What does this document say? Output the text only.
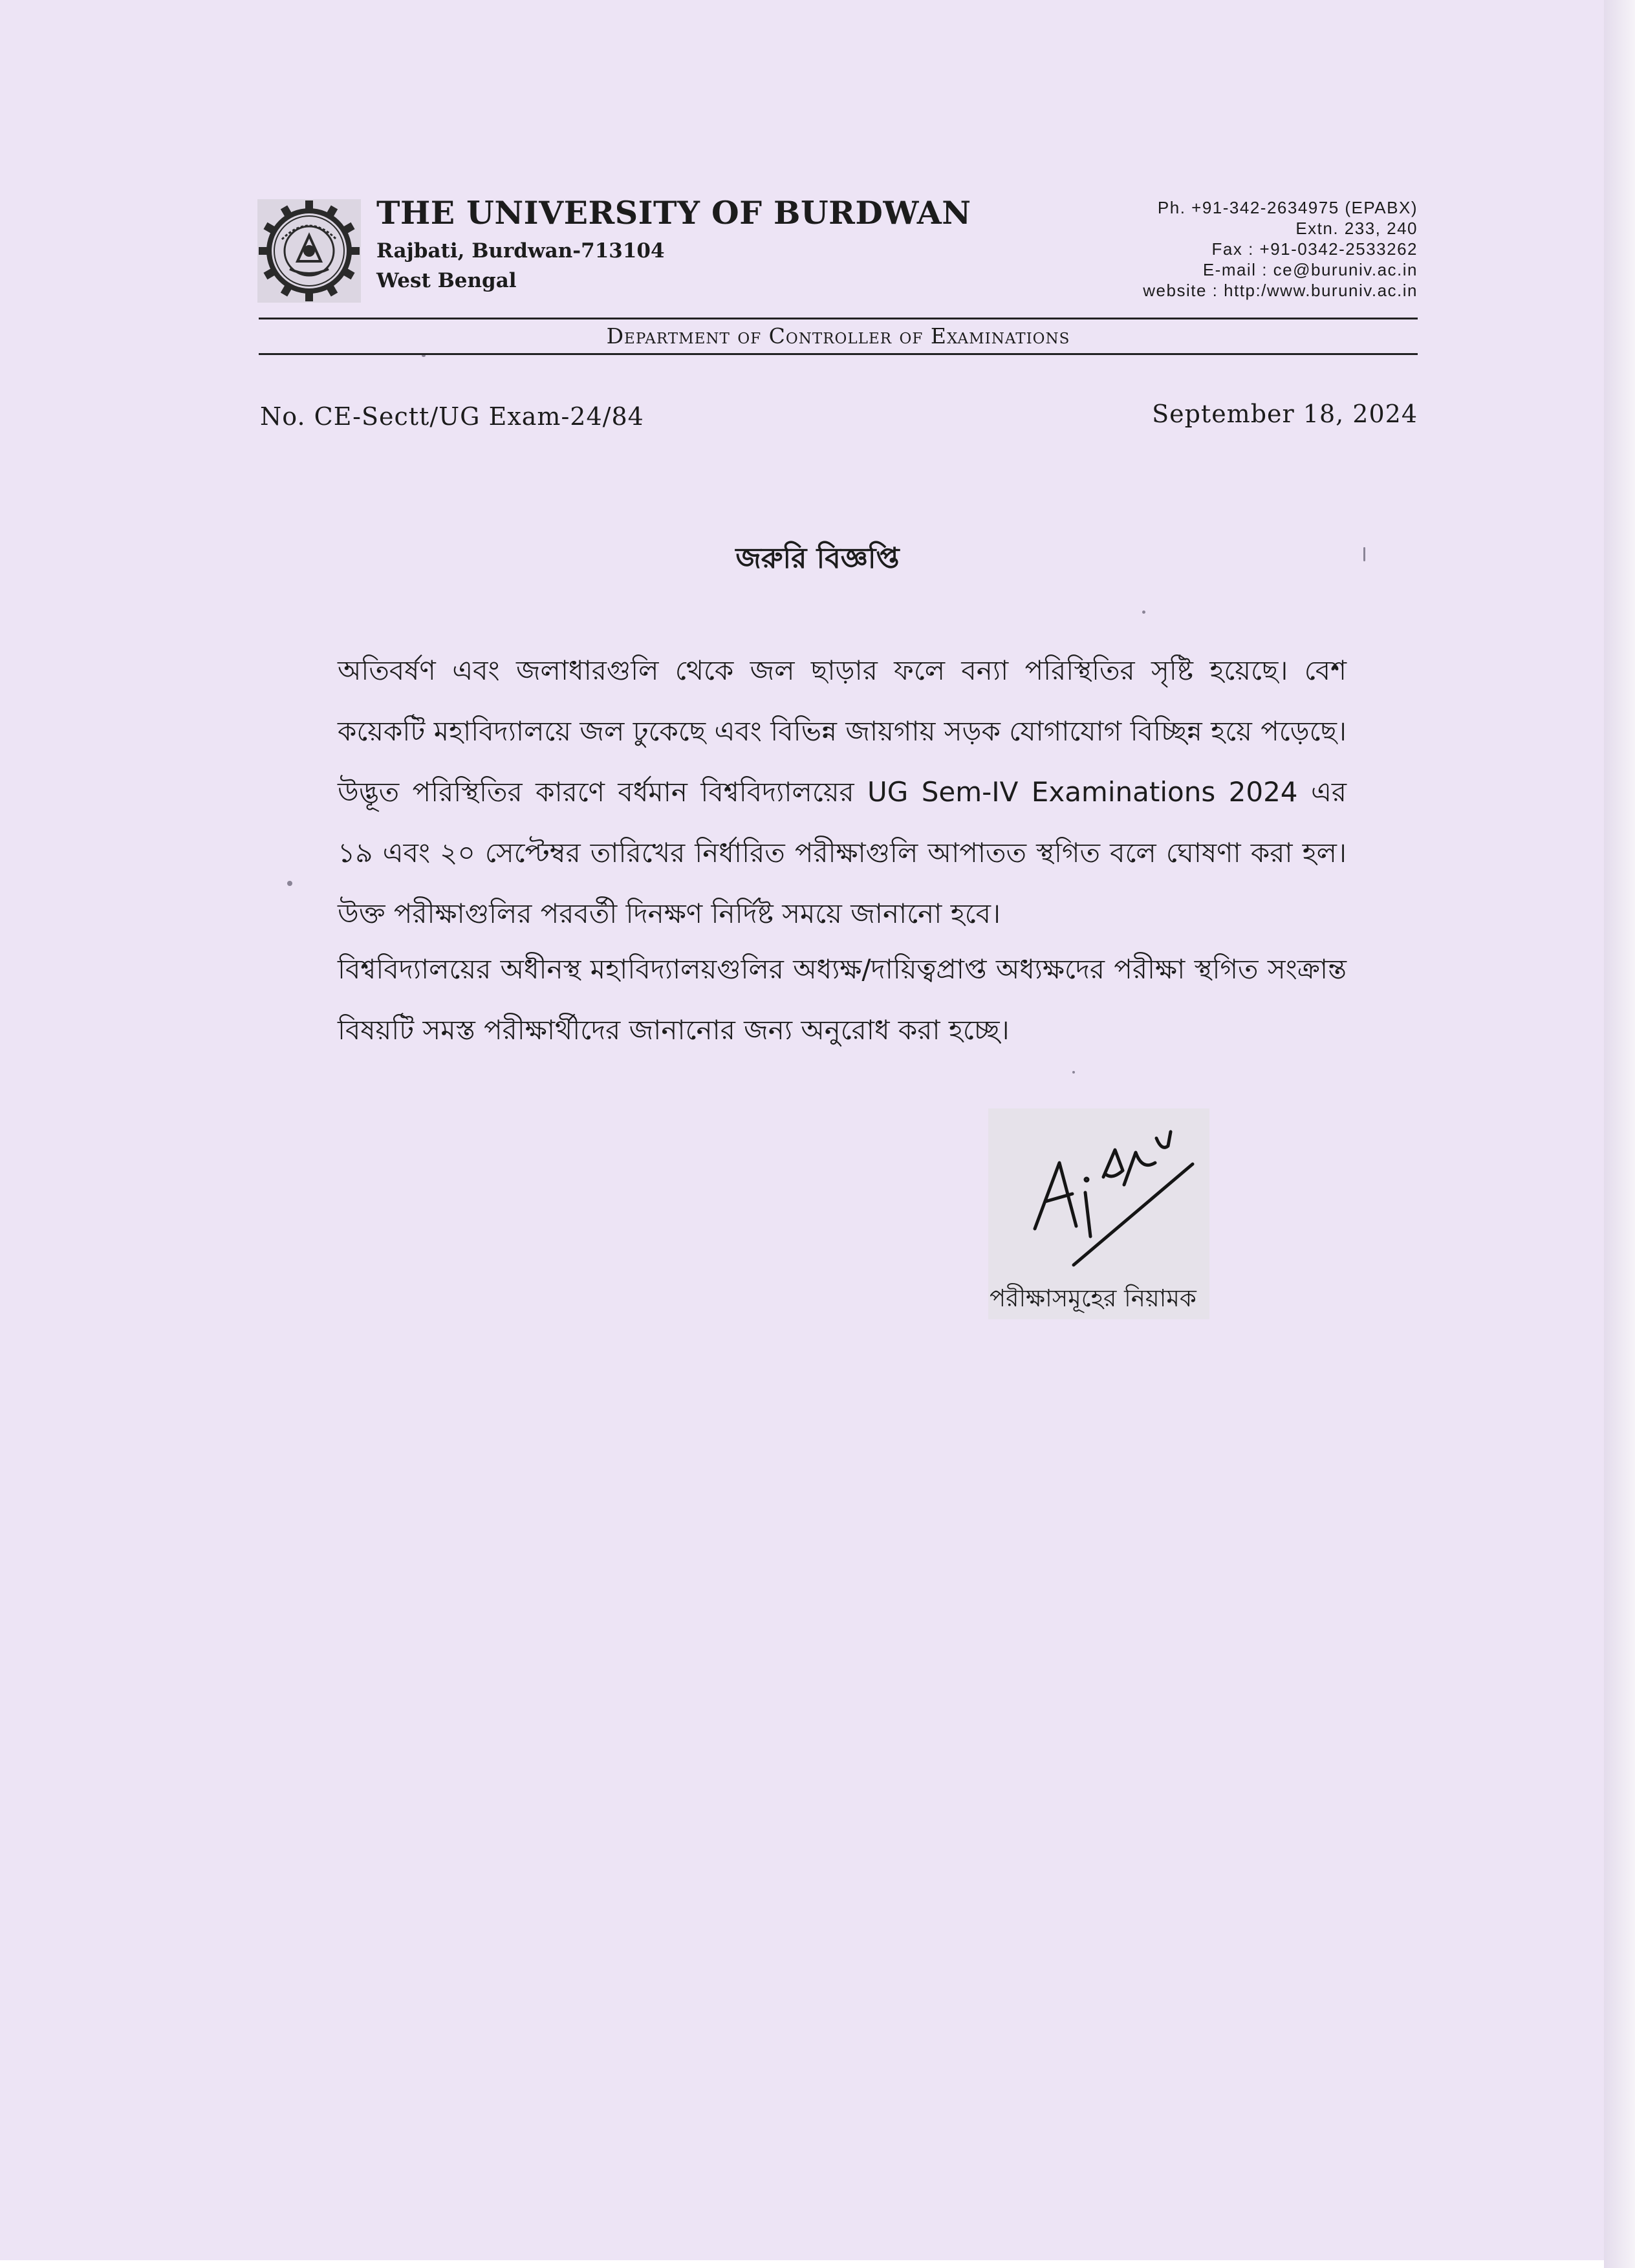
THE UNIVERSITY OF BURDWAN
Rajbati, Burdwan-713104
West Bengal
Ph. +91-342-2634975 (EPABX)
Extn. 233, 240
Fax : +91-0342-2533262
E-mail : ce@buruniv.ac.in
website : http:/www.buruniv.ac.in
Department of Controller of Examinations
No. CE-Sectt/UG Exam-24/84	September 18, 2024
জরুরি বিজ্ঞপ্তি

অতিবর্ষণ এবং জলাধারগুলি থেকে জল ছাড়ার ফলে বন্যা পরিস্থিতির সৃষ্টি হয়েছে। বেশ কয়েকটি মহাবিদ্যালয়ে জল ঢুকেছে এবং বিভিন্ন জায়গায় সড়ক যোগাযোগ বিচ্ছিন্ন হয়ে পড়েছে। উদ্ভূত পরিস্থিতির কারণে বর্ধমান বিশ্ববিদ্যালয়ের UG Sem-IV Examinations 2024 এর ১৯ এবং ২০ সেপ্টেম্বর তারিখের নির্ধারিত পরীক্ষাগুলি আপাতত স্থগিত বলে ঘোষণা করা হল। উক্ত পরীক্ষাগুলির পরবর্তী দিনক্ষণ নির্দিষ্ট সময়ে জানানো হবে।

বিশ্ববিদ্যালয়ের অধীনস্থ মহাবিদ্যালয়গুলির অধ্যক্ষ/দায়িত্বপ্রাপ্ত অধ্যক্ষদের পরীক্ষা স্থগিত সংক্রান্ত বিষয়টি সমস্ত পরীক্ষার্থীদের জানানোর জন্য অনুরোধ করা হচ্ছে।

পরীক্ষাসমূহের নিয়ামক
